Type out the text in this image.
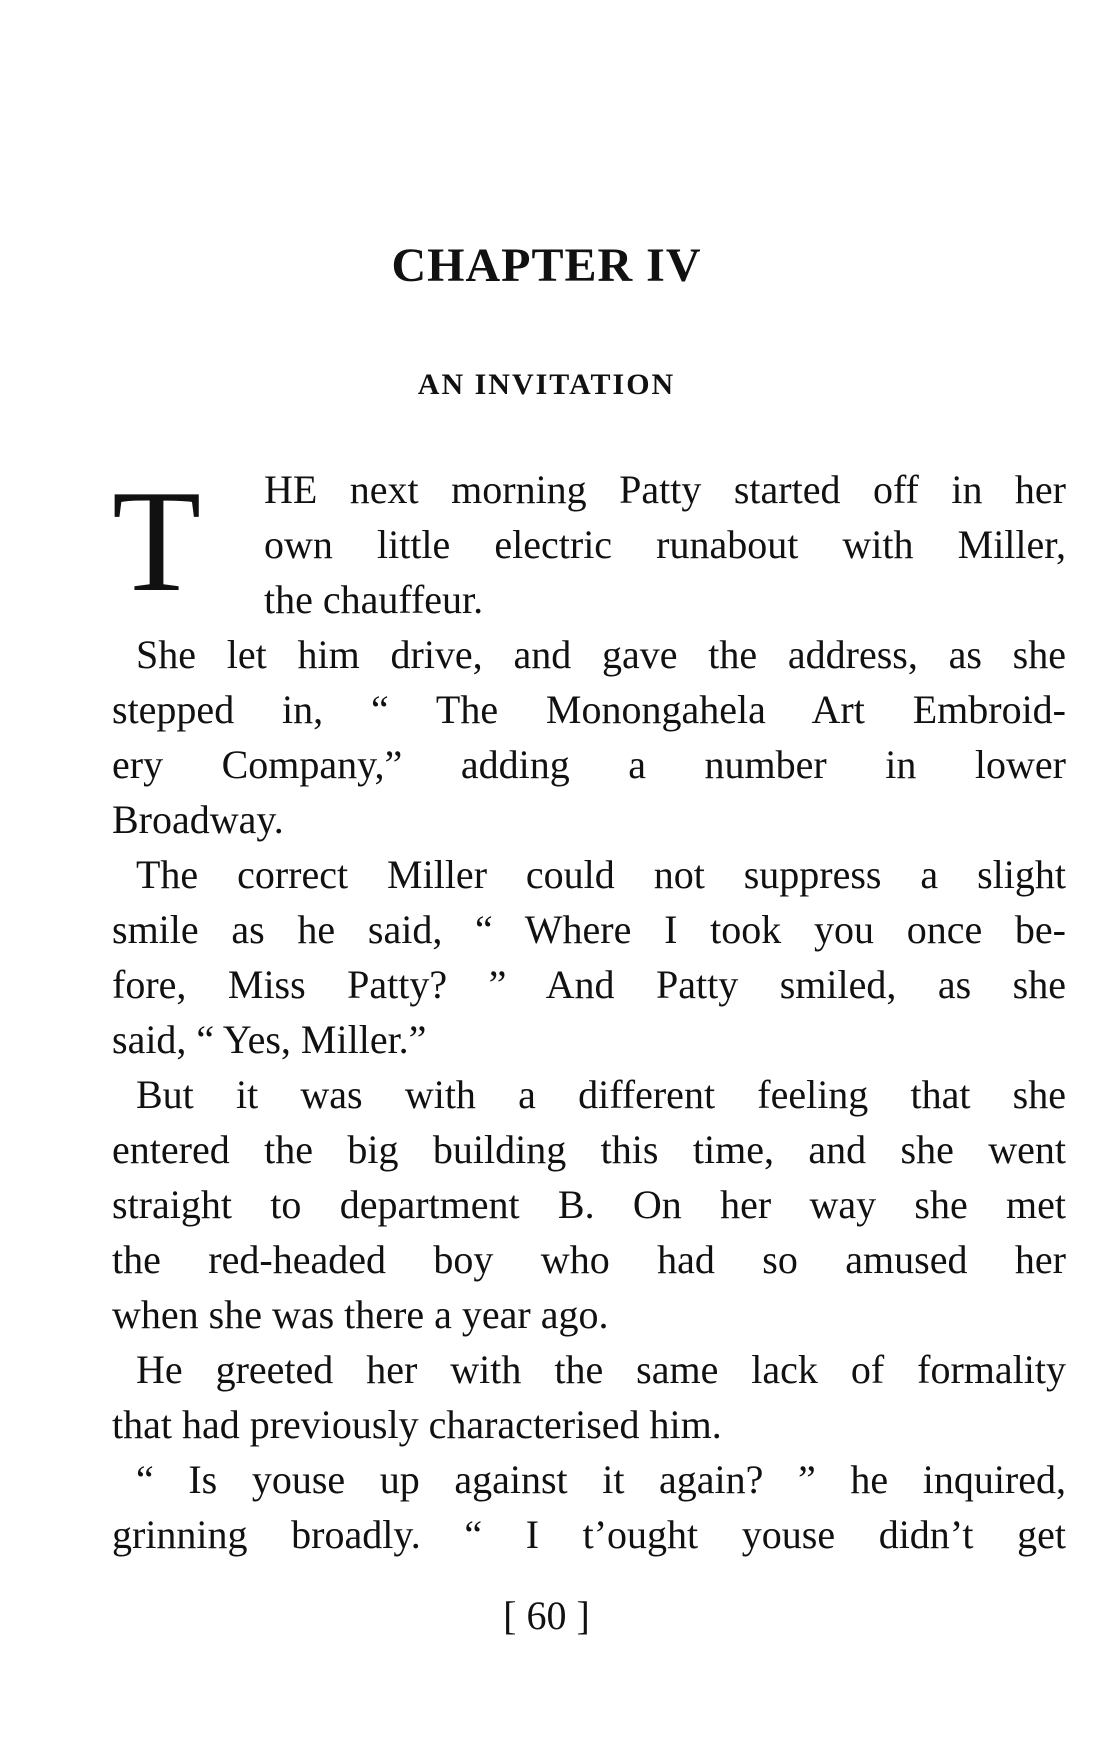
CHAPTER IV
AN INVITATION
T	HE next morning Patty started off in her
own little electric runabout with Miller,
the chauffeur.
She let him drive, and gave the address, as she
stepped in, “ The Monongahela Art Embroid-
ery Company,” adding a number in lower
Broadway.
The correct Miller could not suppress a slight
smile as he said, “ Where I took you once be-
fore, Miss Patty? ” And Patty smiled, as she
said, “ Yes, Miller.”
But it was with a different feeling that she
entered the big building this time, and she went
straight to department B. On her way she met
the red-headed boy who had so amused her
when she was there a year ago.
He greeted her with the same lack of formality
that had previously characterised him.
“ Is youse up against it again? ” he inquired,
grinning broadly. “ I t’ought youse didn’t get
[ 60 ]
